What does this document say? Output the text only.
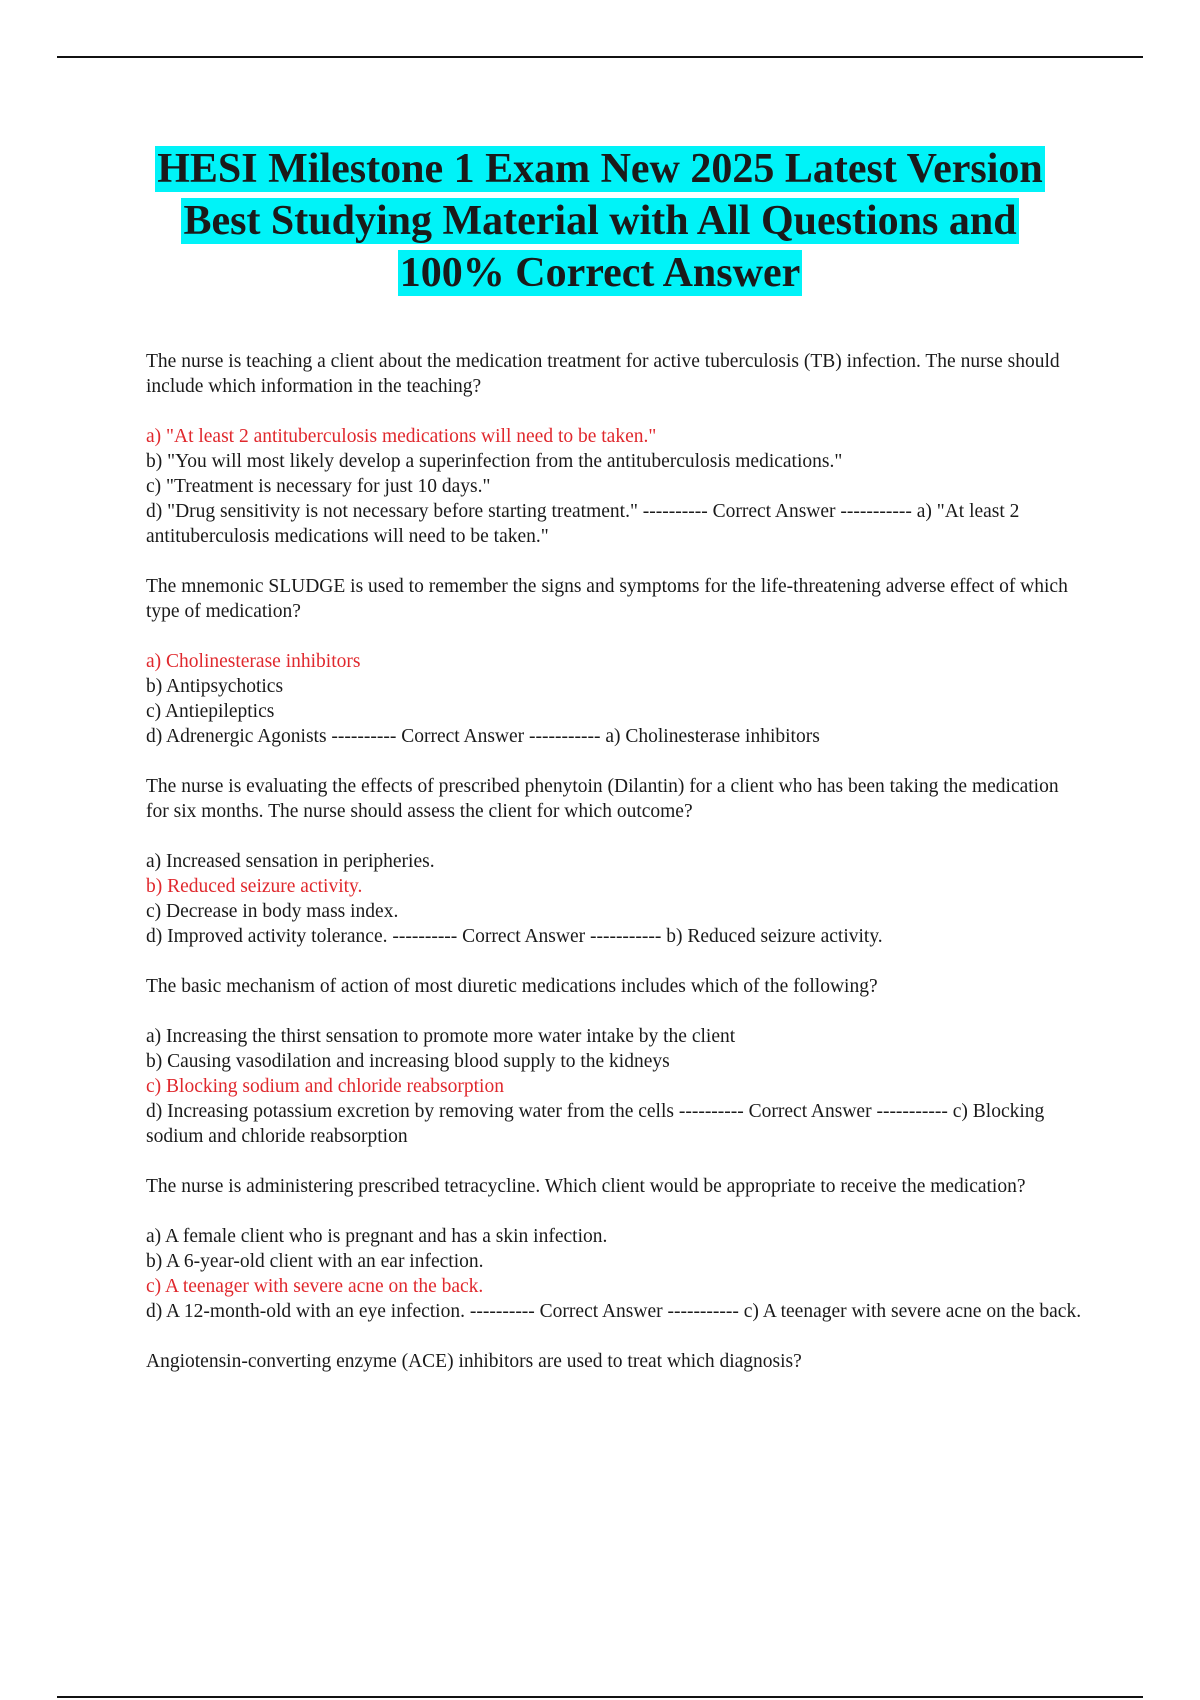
HESI Milestone 1 Exam New 2025 Latest Version
Best Studying Material with All Questions and
100% Correct Answer
The nurse is teaching a client about the medication treatment for active tuberculosis (TB) infection. The nurse should include which information in the teaching?
a) "At least 2 antituberculosis medications will need to be taken."
b) "You will most likely develop a superinfection from the antituberculosis medications."
c) "Treatment is necessary for just 10 days."
d) "Drug sensitivity is not necessary before starting treatment." ---------- Correct Answer ----------- a) "At least 2 antituberculosis medications will need to be taken."
The mnemonic SLUDGE is used to remember the signs and symptoms for the life-threatening adverse effect of which type of medication?
a) Cholinesterase inhibitors
b) Antipsychotics
c) Antiepileptics
d) Adrenergic Agonists ---------- Correct Answer ----------- a) Cholinesterase inhibitors
The nurse is evaluating the effects of prescribed phenytoin (Dilantin) for a client who has been taking the medication for six months. The nurse should assess the client for which outcome?
a) Increased sensation in peripheries.
b) Reduced seizure activity.
c) Decrease in body mass index.
d) Improved activity tolerance. ---------- Correct Answer ----------- b) Reduced seizure activity.
The basic mechanism of action of most diuretic medications includes which of the following?
a) Increasing the thirst sensation to promote more water intake by the client
b) Causing vasodilation and increasing blood supply to the kidneys
c) Blocking sodium and chloride reabsorption
d) Increasing potassium excretion by removing water from the cells ---------- Correct Answer ----------- c) Blocking sodium and chloride reabsorption
The nurse is administering prescribed tetracycline. Which client would be appropriate to receive the medication?
a) A female client who is pregnant and has a skin infection.
b) A 6-year-old client with an ear infection.
c) A teenager with severe acne on the back.
d) A 12-month-old with an eye infection. ---------- Correct Answer ----------- c) A teenager with severe acne on the back.
Angiotensin-converting enzyme (ACE) inhibitors are used to treat which diagnosis?
